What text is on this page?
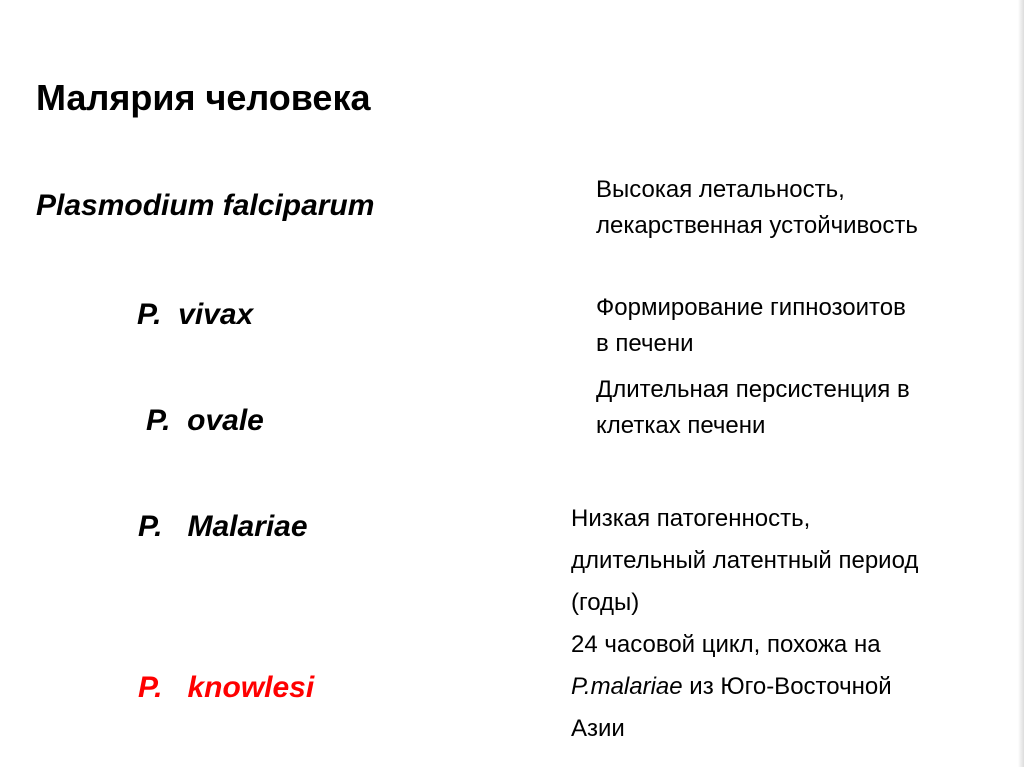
Малярия человека
Plasmodium falciparum
P.  vivax
P.  ovale
P.   Malariae
P.   knowlesi
Высокая летальность,
лекарственная устойчивость
Формирование гипнозоитов
в печени
Длительная персистенция в
клетках печени
Низкая патогенность,
длительный латентный период
(годы)
24 часовой цикл, похожа на
P.malariae из Юго-Восточной
Азии
